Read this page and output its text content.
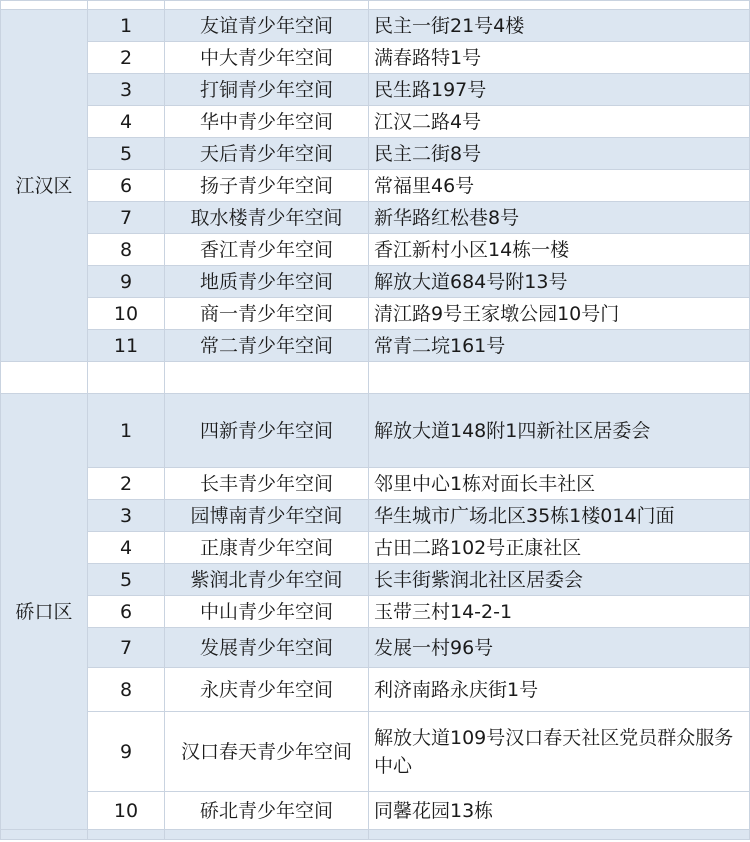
江汉区	1	友谊青少年空间	民主一街21号4楼
	2	中大青少年空间	满春路特1号
	3	打铜青少年空间	民生路197号
	4	华中青少年空间	江汉二路4号
	5	天后青少年空间	民主二街8号
	6	扬子青少年空间	常福里46号
	7	取水楼青少年空间	新华路红松巷8号
	8	香江青少年空间	香江新村小区14栋一楼
	9	地质青少年空间	解放大道684号附13号
	10	商一青少年空间	清江路9号王家墩公园10号门
	11	常二青少年空间	常青二垸161号

硚口区	1	四新青少年空间	解放大道148附1四新社区居委会
	2	长丰青少年空间	邻里中心1栋对面长丰社区
	3	园博南青少年空间	华生城市广场北区35栋1楼014门面
	4	正康青少年空间	古田二路102号正康社区
	5	紫润北青少年空间	长丰街紫润北社区居委会
	6	中山青少年空间	玉带三村14-2-1
	7	发展青少年空间	发展一村96号
	8	永庆青少年空间	利济南路永庆街1号
	9	汉口春天青少年空间	解放大道109号汉口春天社区党员群众服务中心
	10	硚北青少年空间	同馨花园13栋
